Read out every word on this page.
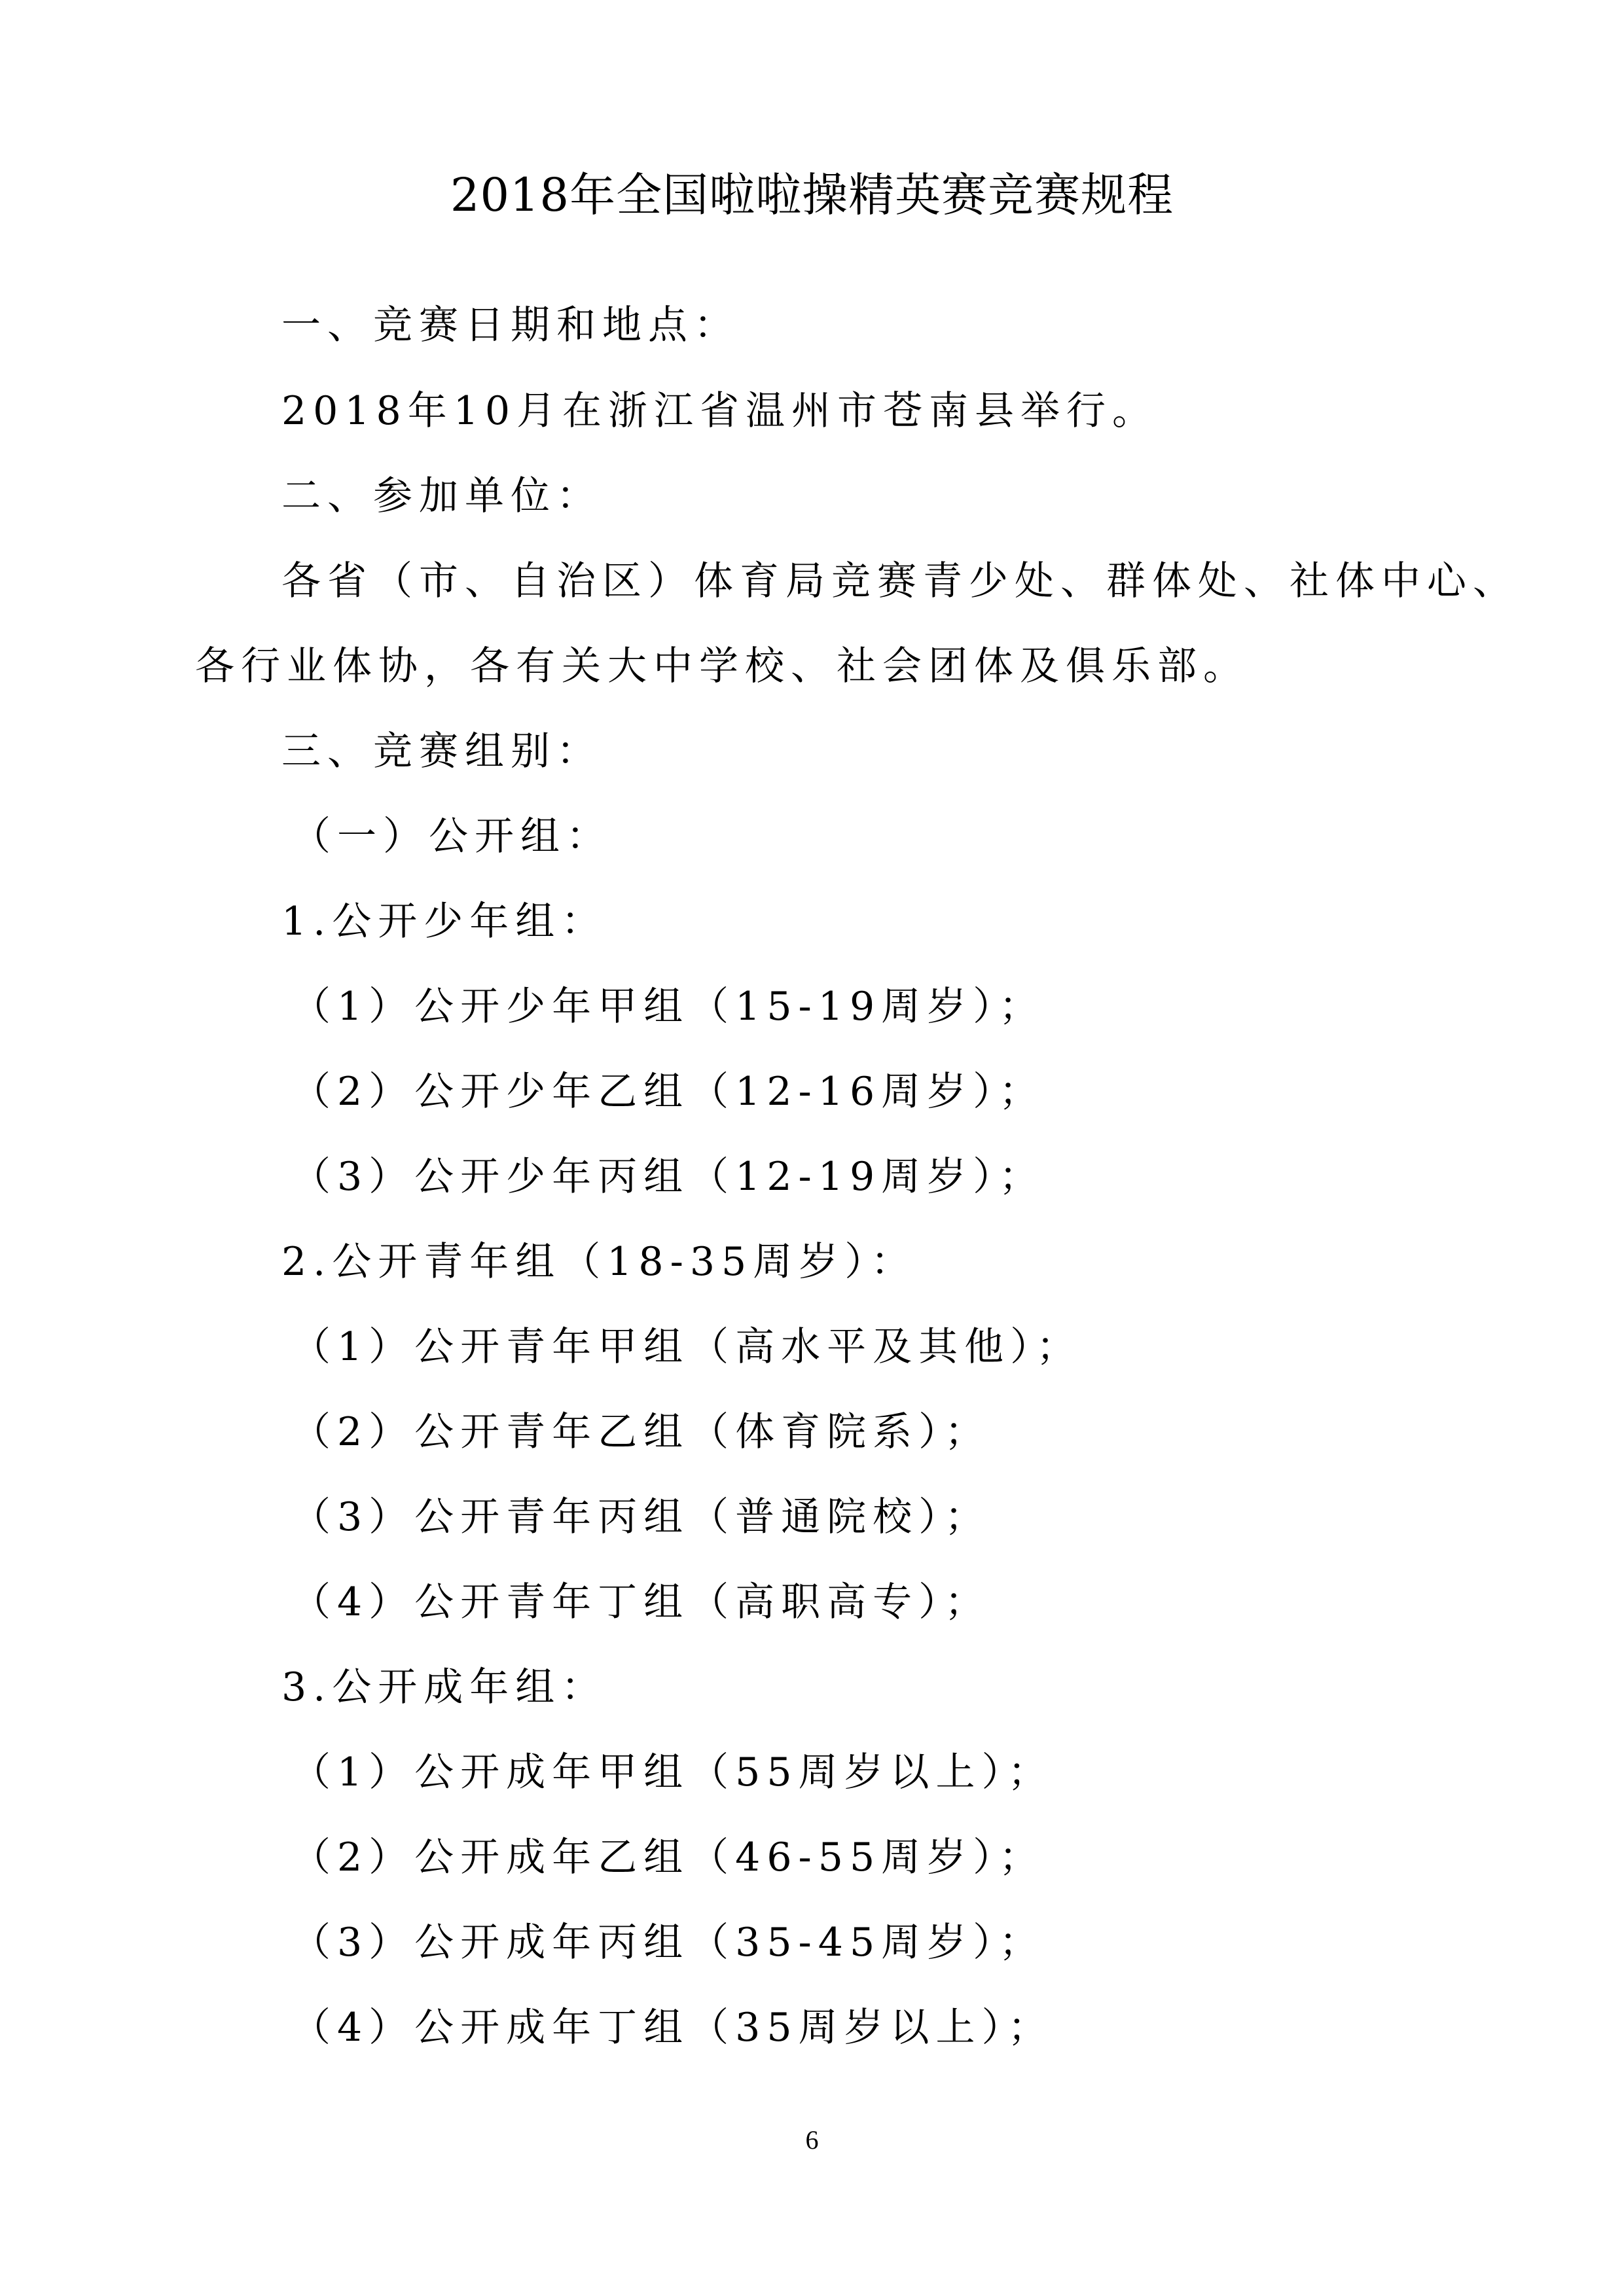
2018年全国啦啦操精英赛竞赛规程
一、竞赛日期和地点：
2018年10月在浙江省温州市苍南县举行。
二、参加单位：
各省（市、自治区）体育局竞赛青少处、群体处、社体中心、
各行业体协，各有关大中学校、社会团体及俱乐部。
三、竞赛组别：
（一）公开组：
1.公开少年组：
（1）公开少年甲组（15-19周岁）；
（2）公开少年乙组（12-16周岁）；
（3）公开少年丙组（12-19周岁）；
2.公开青年组（18-35周岁）：
（1）公开青年甲组（高水平及其他）；
（2）公开青年乙组（体育院系）；
（3）公开青年丙组（普通院校）；
（4）公开青年丁组（高职高专）；
3.公开成年组：
（1）公开成年甲组（55周岁以上）；
（2）公开成年乙组（46-55周岁）；
（3）公开成年丙组（35-45周岁）；
（4）公开成年丁组（35周岁以上）；
6
